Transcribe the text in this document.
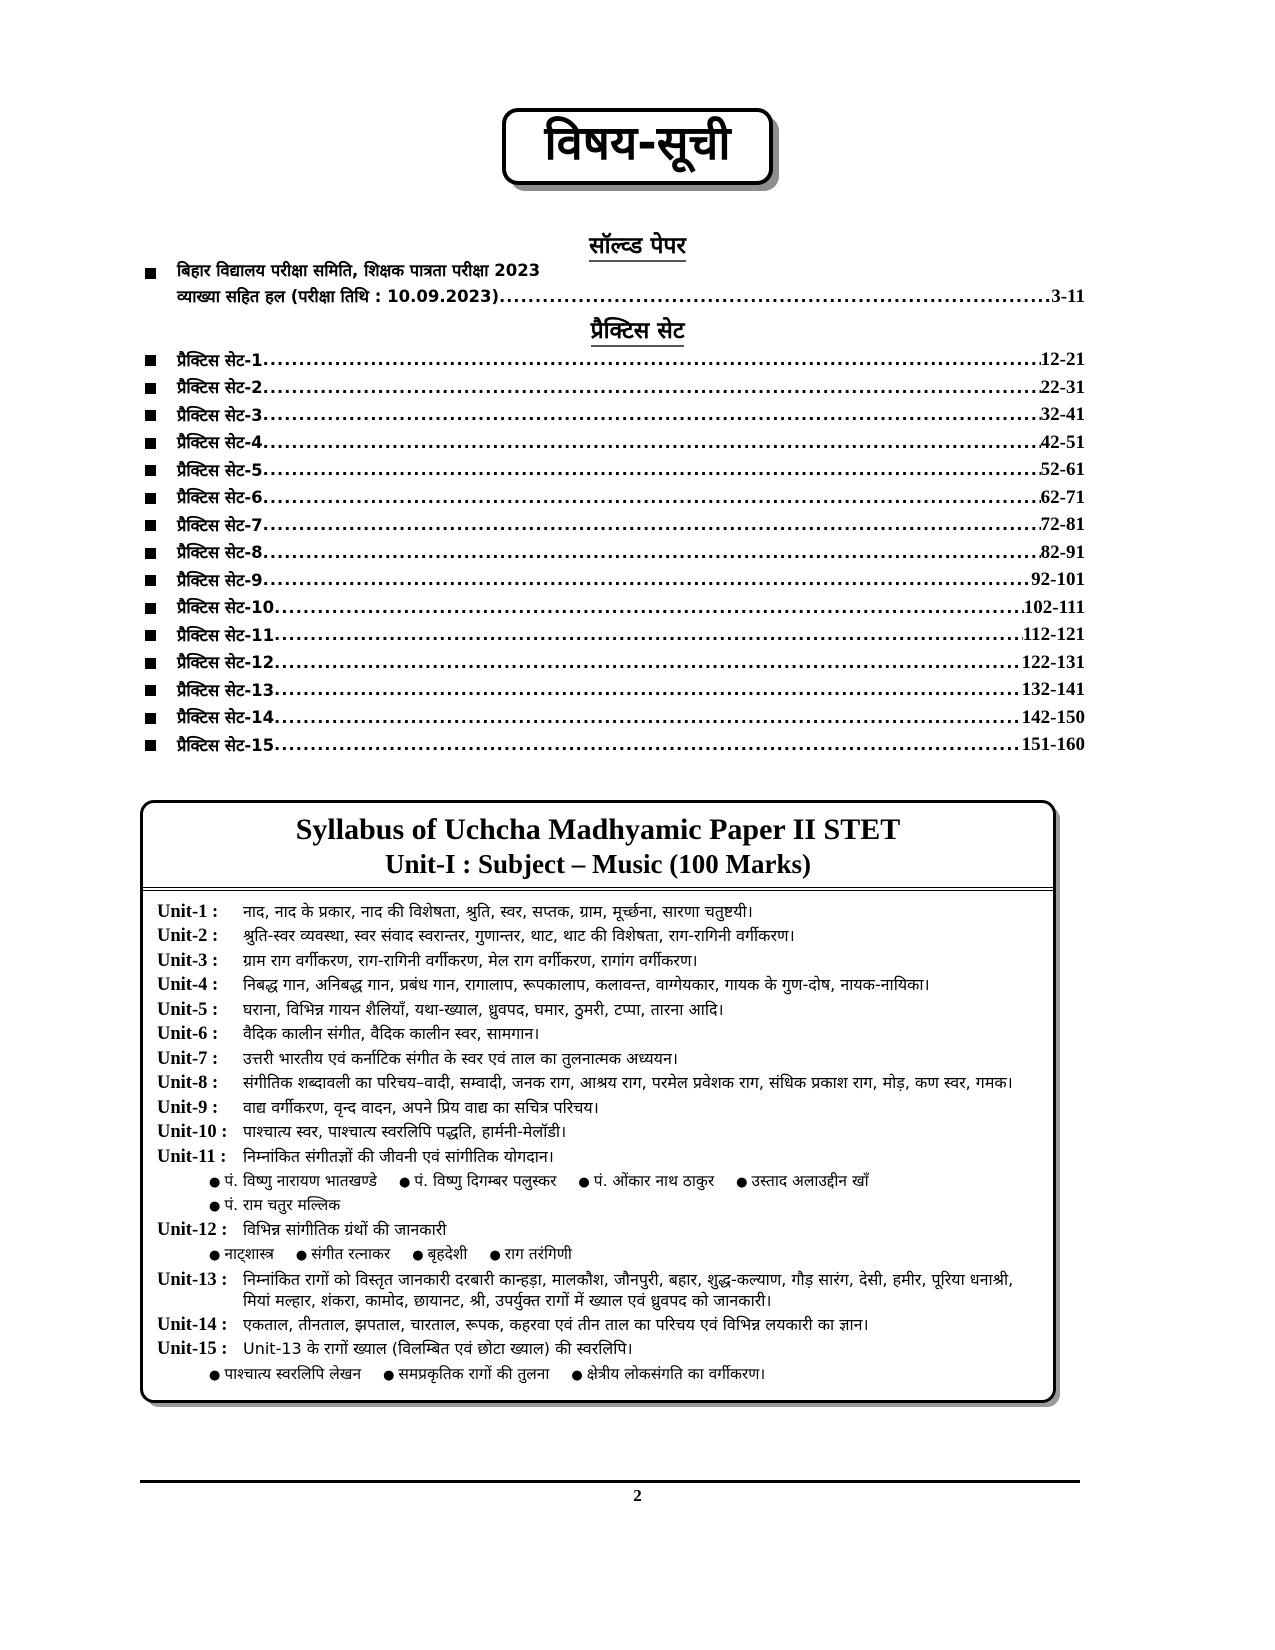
विषय-सूची
सॉल्व्ड पेपर
बिहार विद्यालय परीक्षा समिति, शिक्षक पात्रता परीक्षा 2023
व्याख्या सहित हल (परीक्षा तिथि : 10.09.2023) .....	3-11
प्रैक्टिस सेट
प्रैक्टिस सेट-1 .....	12-21
प्रैक्टिस सेट-2 .....	22-31
प्रैक्टिस सेट-3 .....	32-41
प्रैक्टिस सेट-4 .....	42-51
प्रैक्टिस सेट-5 .....	52-61
प्रैक्टिस सेट-6 .....	62-71
प्रैक्टिस सेट-7 .....	72-81
प्रैक्टिस सेट-8 .....	82-91
प्रैक्टिस सेट-9 .....	92-101
प्रैक्टिस सेट-10 .....	102-111
प्रैक्टिस सेट-11 .....	112-121
प्रैक्टिस सेट-12 .....	122-131
प्रैक्टिस सेट-13 .....	132-141
प्रैक्टिस सेट-14 .....	142-150
प्रैक्टिस सेट-15 .....	151-160
Syllabus of Uchcha Madhyamic Paper II STET
Unit-I : Subject – Music (100 Marks)
Unit-1 :	नाद, नाद के प्रकार, नाद की विशेषता, श्रुति, स्वर, सप्तक, ग्राम, मूर्च्छना, सारणा चतुष्टयी।
Unit-2 :	श्रुति-स्वर व्यवस्था, स्वर संवाद स्वरान्तर, गुणान्तर, थाट, थाट की विशेषता, राग-रागिनी वर्गीकरण।
Unit-3 :	ग्राम राग वर्गीकरण, राग-रागिनी वर्गीकरण, मेल राग वर्गीकरण, रागांग वर्गीकरण।
Unit-4 :	निबद्ध गान, अनिबद्ध गान, प्रबंध गान, रागालाप, रूपकालाप, कलावन्त, वाग्गेयकार, गायक के गुण-दोष, नायक-नायिका।
Unit-5 :	घराना, विभिन्न गायन शैलियाँ, यथा-ख्याल, ध्रुवपद, घमार, ठुमरी, टप्पा, तारना आदि।
Unit-6 :	वैदिक कालीन संगीत, वैदिक कालीन स्वर, सामगान।
Unit-7 :	उत्तरी भारतीय एवं कर्नाटिक संगीत के स्वर एवं ताल का तुलनात्मक अध्ययन।
Unit-8 :	संगीतिक शब्दावली का परिचय–वादी, सम्वादी, जनक राग, आश्रय राग, परमेल प्रवेशक राग, संधिक प्रकाश राग, मोड़, कण स्वर, गमक।
Unit-9 :	वाद्य वर्गीकरण, वृन्द वादन, अपने प्रिय वाद्य का सचित्र परिचय।
Unit-10 : पाश्चात्य स्वर, पाश्चात्य स्वरलिपि पद्धति, हार्मनी-मेलॉडी।
Unit-11 :	निम्नांकित संगीतज्ञों की जीवनी एवं सांगीतिक योगदान।
● पं. विष्णु नारायण भातखण्डे ● पं. विष्णु दिगम्बर पलुस्कर ● पं. ओंकार नाथ ठाकुर ● उस्ताद अलाउद्दीन खाँ
● पं. राम चतुर मल्लिक
Unit-12 : विभिन्न सांगीतिक ग्रंथों की जानकारी
● नाट्शास्त्र ● संगीत रत्नाकर ● बृहदेशी ● राग तरंगिणी
Unit-13 : निम्नांकित रागों को विस्तृत जानकारी दरबारी कान्हड़ा, मालकौश, जौनपुरी, बहार, शुद्ध-कल्याण, गौड़ सारंग, देसी, हमीर, पूरिया धनाश्री, मियां मल्हार, शंकरा, कामोद, छायानट, श्री, उपर्युक्त रागों में ख्याल एवं ध्रुवपद को जानकारी।
Unit-14 : एकताल, तीनताल, झपताल, चारताल, रूपक, कहरवा एवं तीन ताल का परिचय एवं विभिन्न लयकारी का ज्ञान।
Unit-15 : Unit-13 के रागों ख्याल (विलम्बित एवं छोटा ख्याल) की स्वरलिपि।
● पाश्चात्य स्वरलिपि लेखन ● समप्रकृतिक रागों की तुलना ● क्षेत्रीय लोकसंगति का वर्गीकरण।
2
